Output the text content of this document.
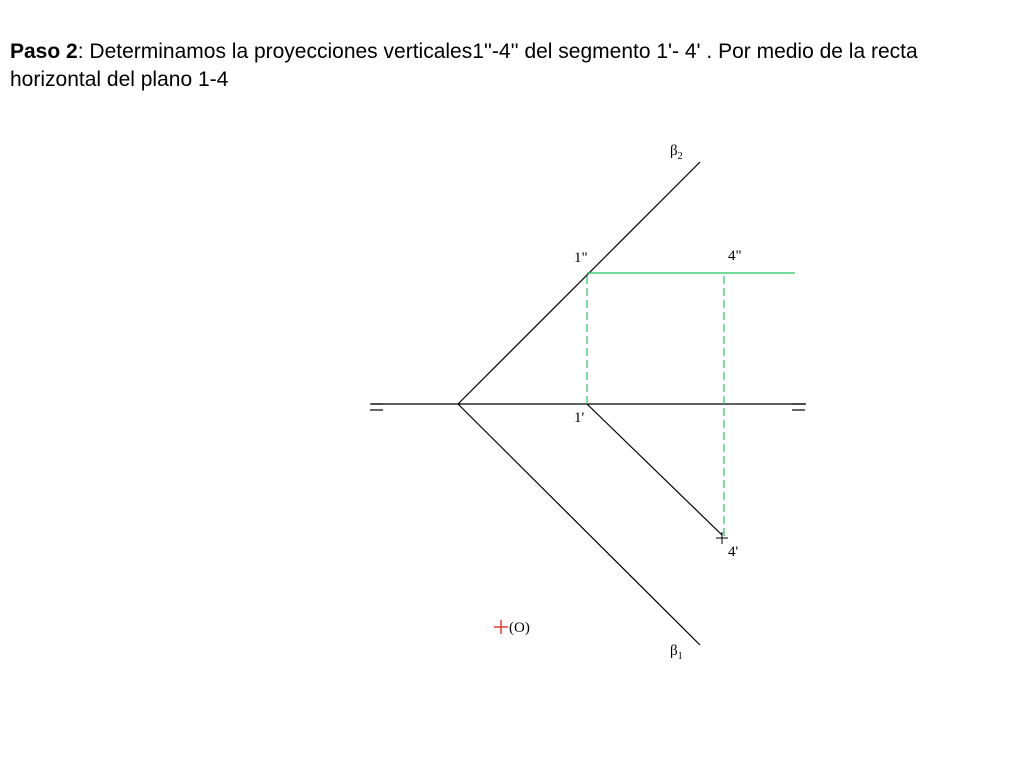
Paso 2: Determinamos la proyecciones verticales1''-4'' del segmento 1'- 4' . Por medio de la recta horizontal del plano 1-4

$\beta_2$
$\beta_1$
1"	4"
1'
4'
(O)
